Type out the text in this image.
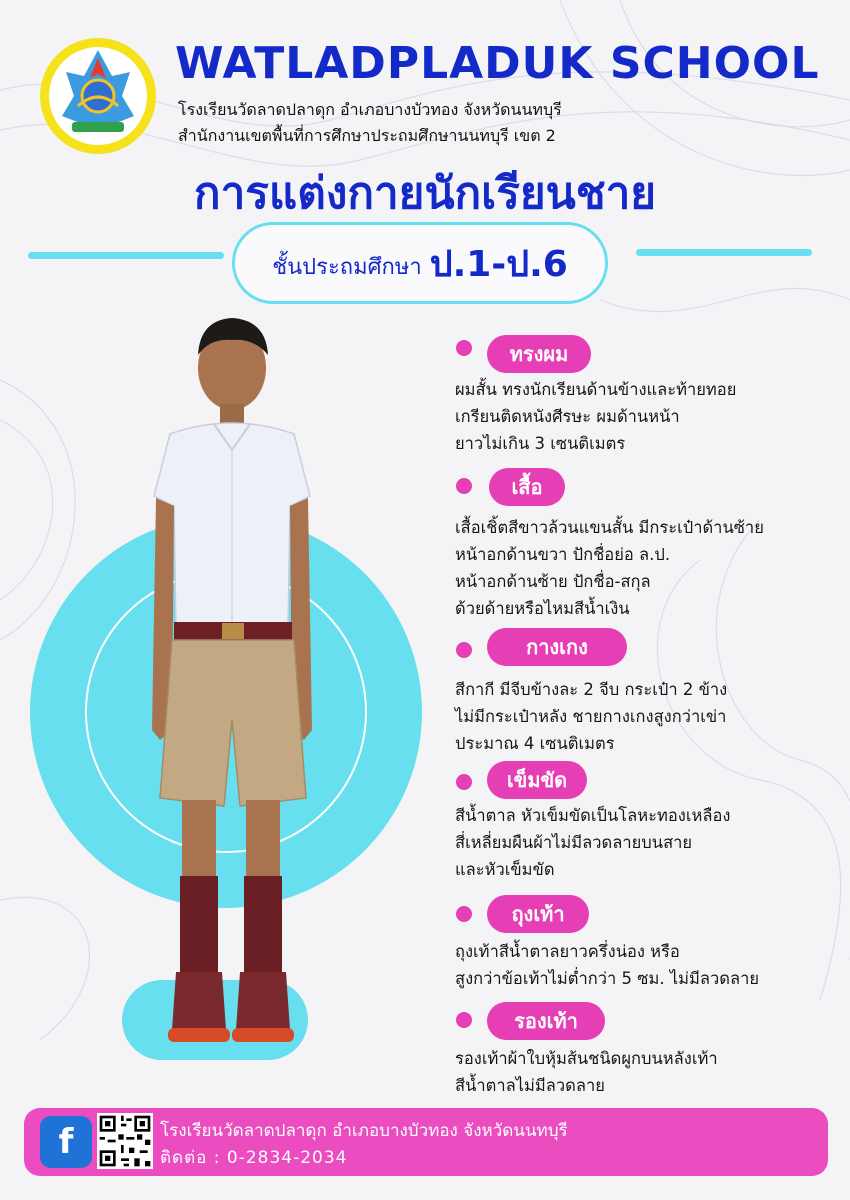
WATLADPLADUK SCHOOL
โรงเรียนวัดลาดปลาดุก อำเภอบางบัวทอง จังหวัดนนทบุรี
สำนักงานเขตพื้นที่การศึกษาประถมศึกษานนทบุรี เขต 2
การแต่งกายนักเรียนชาย
ชั้นประถมศึกษา ป.1-ป.6
ทรงผม
ผมสั้น ทรงนักเรียนด้านข้างและท้ายทอย
เกรียนติดหนังศีรษะ ผมด้านหน้า
ยาวไม่เกิน 3 เซนติเมตร
เสื้อ
เสื้อเชิ้ตสีขาวล้วนแขนสั้น มีกระเป๋าด้านซ้าย
หน้าอกด้านขวา ปักชื่อย่อ ล.ป.
หน้าอกด้านซ้าย ปักชื่อ-สกุล
ด้วยด้ายหรือไหมสีน้ำเงิน
กางเกง
สีกากี มีจีบข้างละ 2 จีบ กระเป๋า 2 ข้าง
ไม่มีกระเป๋าหลัง ชายกางเกงสูงกว่าเข่า
ประมาณ 4 เซนติเมตร
เข็มขัด
สีน้ำตาล หัวเข็มขัดเป็นโลหะทองเหลือง
สี่เหลี่ยมผืนผ้าไม่มีลวดลายบนสาย
และหัวเข็มขัด
ถุงเท้า
ถุงเท้าสีน้ำตาลยาวครึ่งน่อง หรือ
สูงกว่าข้อเท้าไม่ต่ำกว่า 5 ซม. ไม่มีลวดลาย
รองเท้า
รองเท้าผ้าใบหุ้มส้นชนิดผูกบนหลังเท้า
สีน้ำตาลไม่มีลวดลาย
f	โรงเรียนวัดลาดปลาดุก อำเภอบางบัวทอง จังหวัดนนทบุรี
ติดต่อ : 0-2834-2034
